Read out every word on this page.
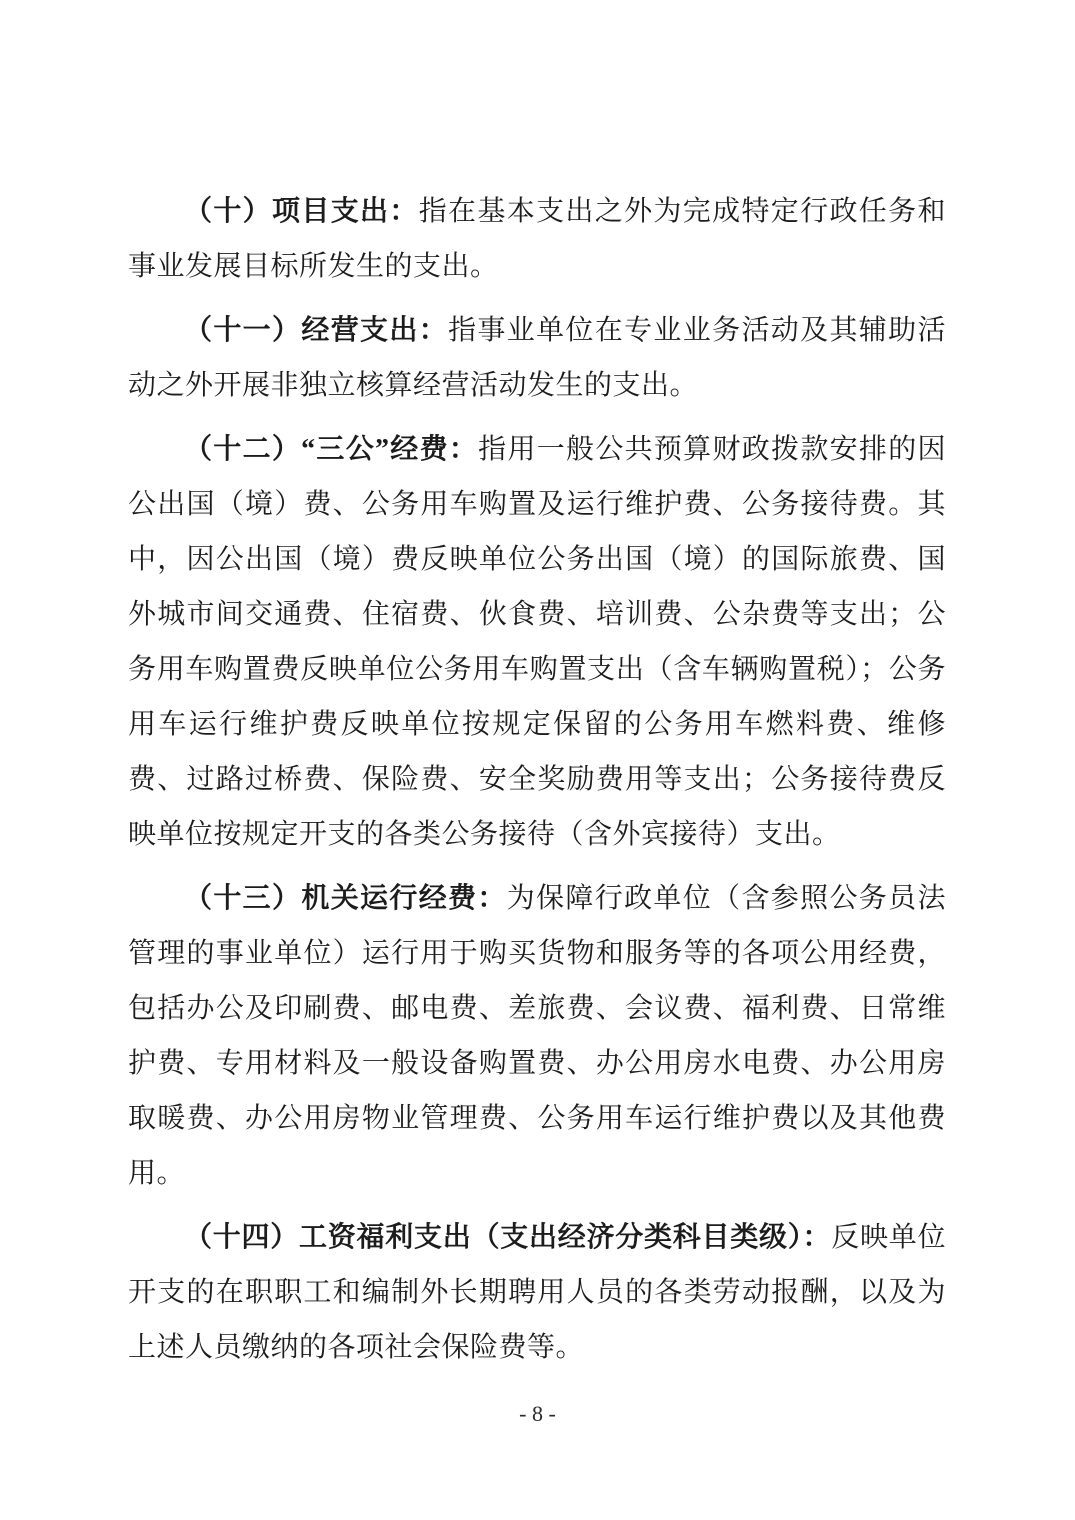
（十）项目支出：指在基本支出之外为完成特定行政任务和事业发展目标所发生的支出。

（十一）经营支出：指事业单位在专业业务活动及其辅助活动之外开展非独立核算经营活动发生的支出。

（十二）“三公”经费：指用一般公共预算财政拨款安排的因公出国（境）费、公务用车购置及运行维护费、公务接待费。其中，因公出国（境）费反映单位公务出国（境）的国际旅费、国外城市间交通费、住宿费、伙食费、培训费、公杂费等支出；公务用车购置费反映单位公务用车购置支出（含车辆购置税）；公务用车运行维护费反映单位按规定保留的公务用车燃料费、维修费、过路过桥费、保险费、安全奖励费用等支出；公务接待费反映单位按规定开支的各类公务接待（含外宾接待）支出。

（十三）机关运行经费：为保障行政单位（含参照公务员法管理的事业单位）运行用于购买货物和服务等的各项公用经费，包括办公及印刷费、邮电费、差旅费、会议费、福利费、日常维护费、专用材料及一般设备购置费、办公用房水电费、办公用房取暖费、办公用房物业管理费、公务用车运行维护费以及其他费用。

（十四）工资福利支出（支出经济分类科目类级）：反映单位开支的在职职工和编制外长期聘用人员的各类劳动报酬，以及为上述人员缴纳的各项社会保险费等。

- 8 -
